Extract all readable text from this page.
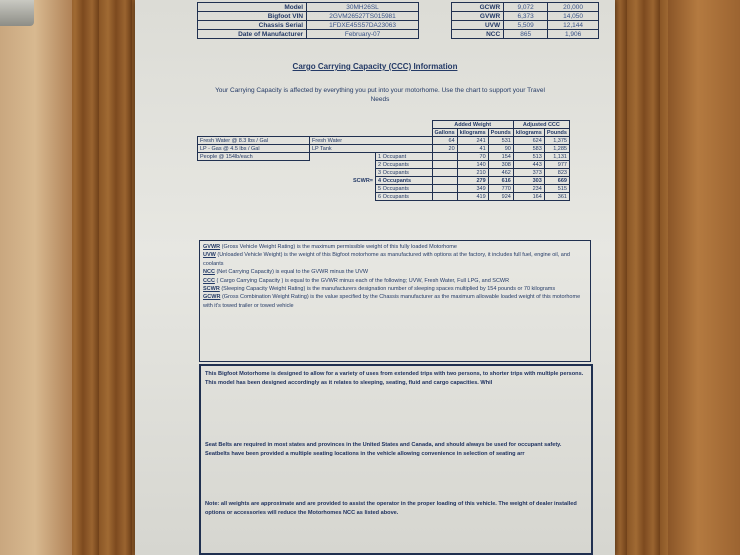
Model	30MH26SL
Bigfoot VIN	2GVM26527TS015981
Chassis Serial	1FDXE45S57DA23063
Date of Manufacturer	February-07
GCWR	9,072	20,000
GVWR	6,373	14,050
UVW	5,509	12,144
NCC	865	1,906
Cargo Carrying Capacity (CCC) Information
Your Carrying Capacity is affected by everything you put into your motorhome. Use the chart to support your Travel Needs
			Added Weight			Adjusted CCC	
			Gallons	kilograms	Pounds	kilograms	Pounds
Fresh Water @ 8.3 lbs / Gal	Fresh Water		64	241	531	624	1,375
LP - Gas @ 4.5 lbs / Gal	LP Tank		20	41	90	583	1,285
People @ 154lb/each		1 Occupant		70	154	513	1,131
		2 Occupants		140	308	443	977
		3 Occupants		210	462	373	823
	SCWR=	4 Occupants		279	616	303	669
		5 Occupants		349	770	234	515
		6 Occupants		419	924	164	361
GVWR (Gross Vehicle Weight Rating) is the maximum permissible weight of this fully loaded Motorhome
UVW (Unloaded Vehicle Weight) is the weight of this Bigfoot motorhome as manufactured with options at the factory, it includes full fuel, engine oil, and coolants
NCC (Net Carrying Capacity) is equal to the GVWR minus the UVW
CCC ( Cargo Carrying Capacity ) is equal to the GVWR minus each of the following; UVW, Fresh Water, Full LPG, and SCWR
SCWR (Sleeping Capacity Weight Rating) is the manufacturers designation number of sleeping spaces multiplied by 154 pounds or 70 kilograms
GCWR (Gross Combination Weight Rating) is the value specified by the Chassis manufacturer as the maximum allowable loaded weight of this motorhome with it's towed trailer or towed vehicle

This Bigfoot Motorhome is designed to allow for a variety of uses from extended trips with two persons, to shorter trips with multiple persons. This model has been designed accordingly as it relates to sleeping, seating, fluid and cargo capacities. Whil

Seat Belts are required in most states and provinces in the United States and Canada, and should always be used for occupant safety. Seatbelts have been provided a multiple seating locations in the vehicle allowing convenience in selection of seating arr

Note: all weights are approximate and are provided to assist the operator in the proper loading of this vehicle. The weight of dealer installed options or accessories will reduce the Motorhomes NCC as listed above.
